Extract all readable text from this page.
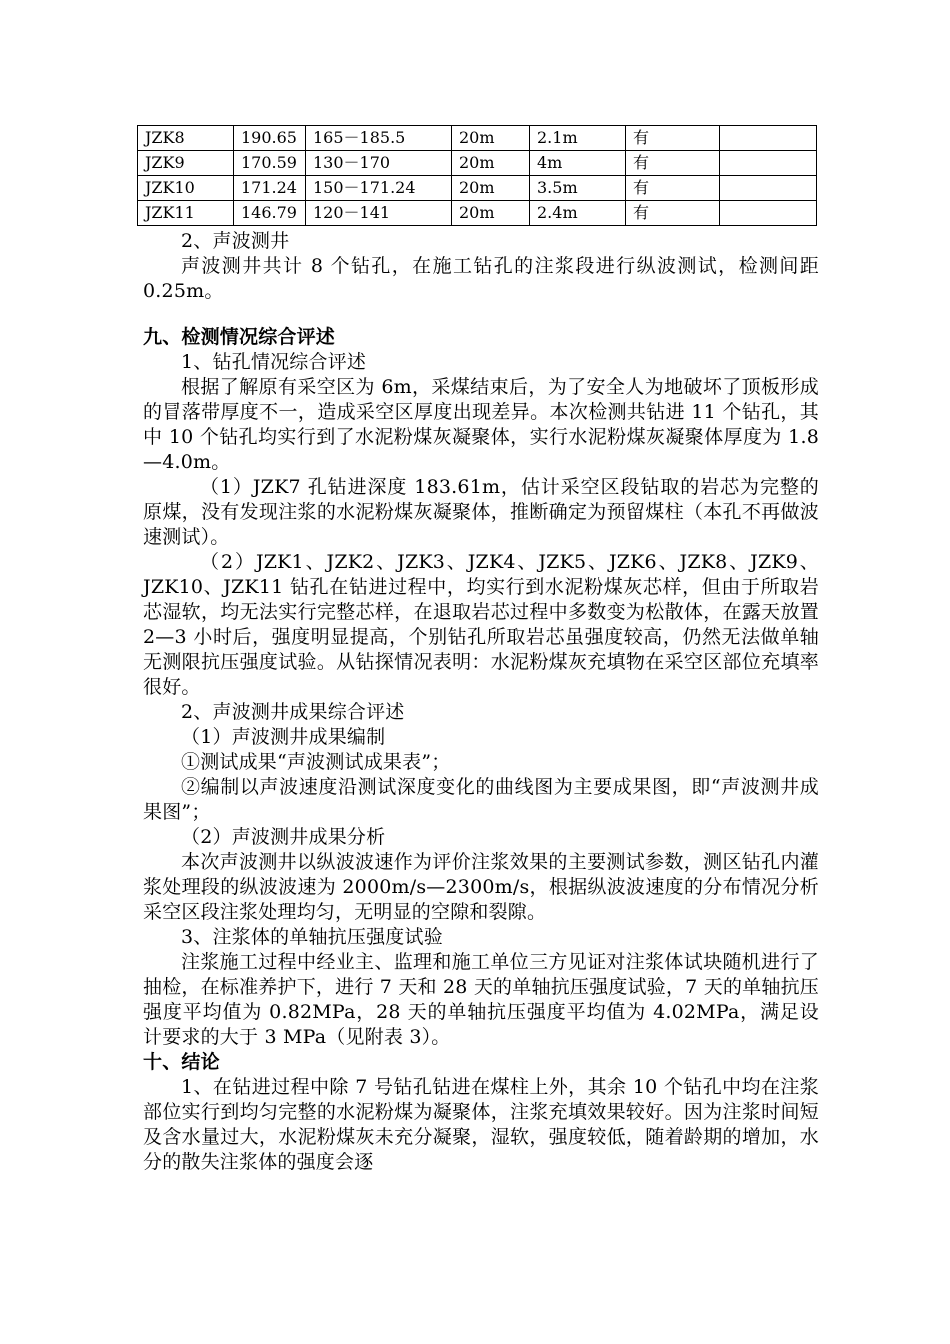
JZK8	190.65	165－185.5	20m	2.1m	有	
JZK9	170.59	130－170	20m	4m	有	
JZK10	171.24	150－171.24	20m	3.5m	有	
JZK11	146.79	120－141	20m	2.4m	有	

2、声波测井

声波测井共计 8 个钻孔，在施工钻孔的注浆段进行纵波测试，检测间距 0.25m。

九、检测情况综合评述

1、钻孔情况综合评述

根据了解原有采空区为 6m，采煤结束后，为了安全人为地破坏了顶板形成的冒落带厚度不一，造成采空区厚度出现差异。本次检测共钻进 11 个钻孔，其中 10 个钻孔均实行到了水泥粉煤灰凝聚体，实行水泥粉煤灰凝聚体厚度为 1.8—4.0m。

（1）JZK7 孔钻进深度 183.61m，估计采空区段钻取的岩芯为完整的原煤，没有发现注浆的水泥粉煤灰凝聚体，推断确定为预留煤柱（本孔不再做波速测试）。

（2）JZK1、JZK2、JZK3、JZK4、JZK5、JZK6、JZK8、JZK9、JZK10、JZK11 钻孔在钻进过程中，均实行到水泥粉煤灰芯样，但由于所取岩芯湿软，均无法实行完整芯样，在退取岩芯过程中多数变为松散体，在露天放置 2—3 小时后，强度明显提高，个别钻孔所取岩芯虽强度较高，仍然无法做单轴无测限抗压强度试验。从钻探情况表明：水泥粉煤灰充填物在采空区部位充填率很好。

2、声波测井成果综合评述

（1）声波测井成果编制

①测试成果“声波测试成果表”；

②编制以声波速度沿测试深度变化的曲线图为主要成果图，即“声波测井成果图”；

（2）声波测井成果分析

本次声波测井以纵波波速作为评价注浆效果的主要测试参数，测区钻孔内灌浆处理段的纵波波速为 2000m/s—2300m/s，根据纵波波速度的分布情况分析采空区段注浆处理均匀，无明显的空隙和裂隙。

3、注浆体的单轴抗压强度试验

注浆施工过程中经业主、监理和施工单位三方见证对注浆体试块随机进行了抽检，在标准养护下，进行 7 天和 28 天的单轴抗压强度试验，7 天的单轴抗压强度平均值为 0.82MPa，28 天的单轴抗压强度平均值为 4.02MPa，满足设计要求的大于 3 MPa（见附表 3）。

十、结论

1、在钻进过程中除 7 号钻孔钻进在煤柱上外，其余 10 个钻孔中均在注浆部位实行到均匀完整的水泥粉煤为凝聚体，注浆充填效果较好。因为注浆时间短及含水量过大，水泥粉煤灰未充分凝聚，湿软，强度较低，随着龄期的增加，水分的散失注浆体的强度会逐
